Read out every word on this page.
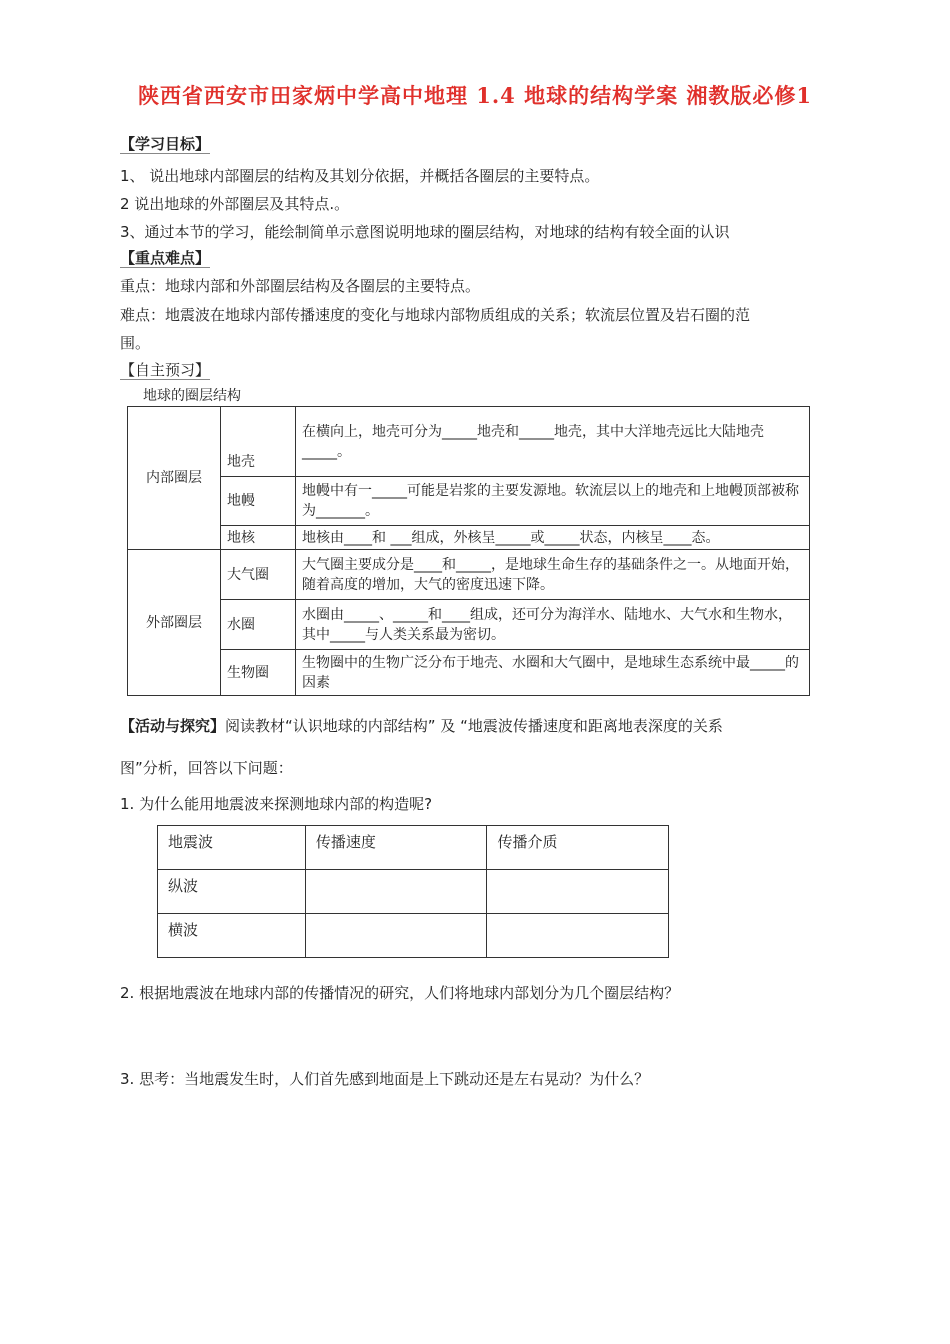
陕西省西安市田家炳中学高中地理 1.4 地球的结构学案 湘教版必修1
【学习目标】
1、 说出地球内部圈层的结构及其划分依据，并概括各圈层的主要特点。
2 说出地球的外部圈层及其特点.。
3、通过本节的学习，能绘制简单示意图说明地球的圈层结构，对地球的结构有较全面的认识
【重点难点】
重点：地球内部和外部圈层结构及各圈层的主要特点。
难点：地震波在地球内部传播速度的变化与地球内部物质组成的关系；软流层位置及岩石圈的范
围。
【自主预习】
地球的圈层结构
内部圈层	地壳	在横向上，地壳可分为_____地壳和_____地壳，其中大洋地壳远比大陆地壳_____。
	地幔	地幔中有一_____可能是岩浆的主要发源地。软流层以上的地壳和上地幔顶部被称为_______。
	地核	地核由____和 ___组成，外核呈_____或_____状态，内核呈____态。
外部圈层	大气圈	大气圈主要成分是____和_____，是地球生命生存的基础条件之一。从地面开始，随着高度的增加，大气的密度迅速下降。
	水圈	水圈由_____、_____和____组成，还可分为海洋水、陆地水、大气水和生物水，其中_____与人类关系最为密切。
	生物圈	生物圈中的生物广泛分布于地壳、水圈和大气圈中，是地球生态系统中最_____的因素
【活动与探究】阅读教材“认识地球的内部结构” 及 “地震波传播速度和距离地表深度的关系
图”分析，回答以下问题：
1. 为什么能用地震波来探测地球内部的构造呢?
地震波	传播速度	传播介质
纵波		
横波		
2. 根据地震波在地球内部的传播情况的研究，人们将地球内部划分为几个圈层结构？
3. 思考：当地震发生时，人们首先感到地面是上下跳动还是左右晃动？为什么？
